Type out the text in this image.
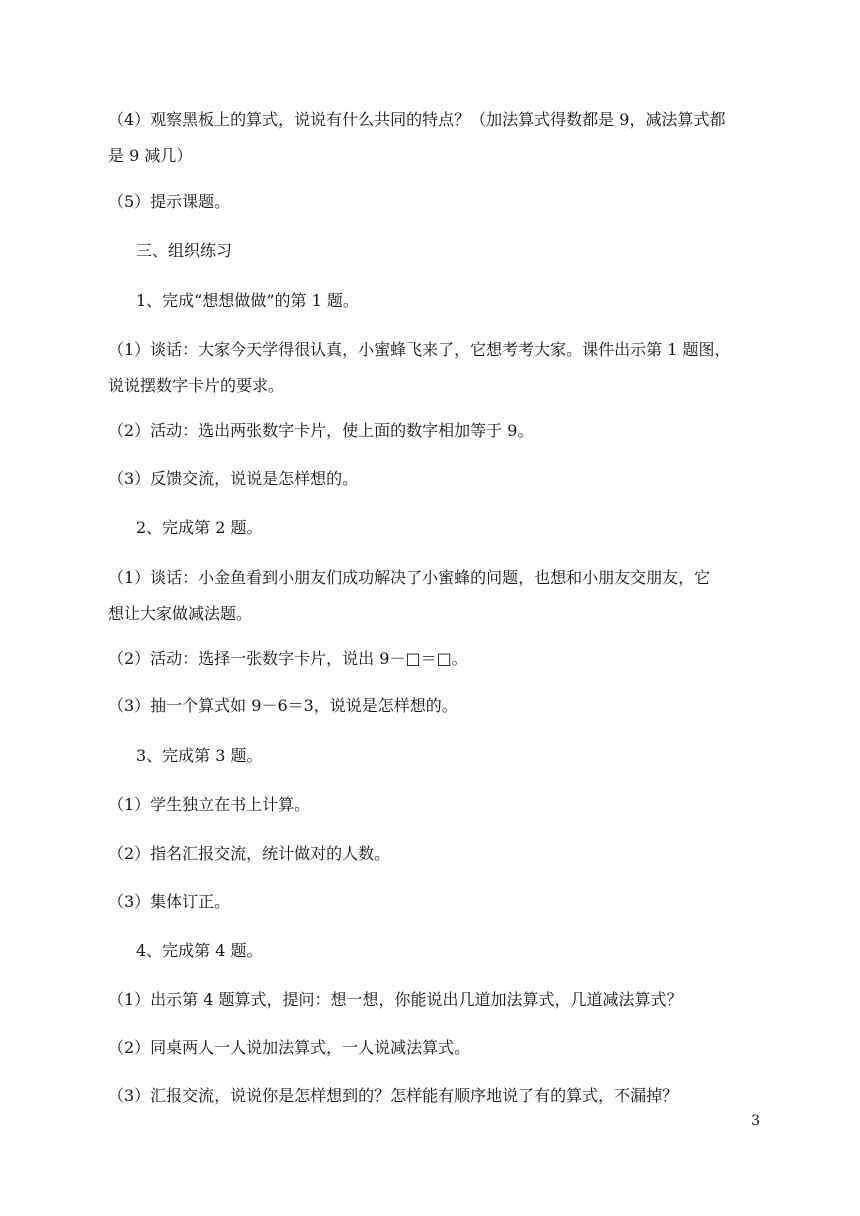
（4）观察黑板上的算式，说说有什么共同的特点？（加法算式得数都是 9，减法算式都
是 9 减几）
（5）提示课题。
三、组织练习
1、完成“想想做做”的第 1 题。
（1）谈话：大家今天学得很认真，小蜜蜂飞来了，它想考考大家。课件出示第 1 题图，
说说摆数字卡片的要求。
（2）活动：选出两张数字卡片，使上面的数字相加等于 9。
（3）反馈交流，说说是怎样想的。
2、完成第 2 题。
（1）谈话：小金鱼看到小朋友们成功解决了小蜜蜂的问题，也想和小朋友交朋友，它
想让大家做减法题。
（2）活动：选择一张数字卡片，说出 9－□＝□。
（3）抽一个算式如 9－6＝3，说说是怎样想的。
3、完成第 3 题。
（1）学生独立在书上计算。
（2）指名汇报交流，统计做对的人数。
（3）集体订正。
4、完成第 4 题。
（1）出示第 4 题算式，提问：想一想，你能说出几道加法算式，几道减法算式？
（2）同桌两人一人说加法算式，一人说减法算式。
（3）汇报交流，说说你是怎样想到的？怎样能有顺序地说了有的算式，不漏掉？
3
